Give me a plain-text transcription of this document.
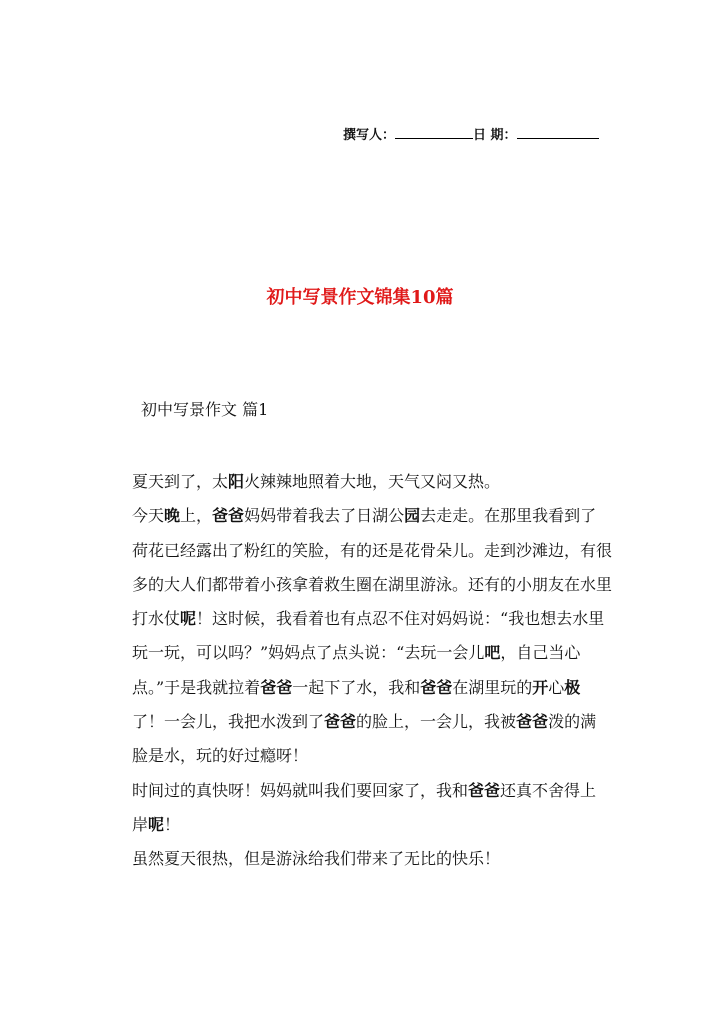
撰写人：	日 期：
初中写景作文锦集10篇
初中写景作文 篇1

夏天到了，太阳火辣辣地照着大地，天气又闷又热。

今天晚上，爸爸妈妈带着我去了日湖公园去走走。在那里我看到了荷花已经露出了粉红的笑脸，有的还是花骨朵儿。走到沙滩边，有很多的大人们都带着小孩拿着救生圈在湖里游泳。还有的小朋友在水里打水仗呢！这时候，我看着也有点忍不住对妈妈说：“我也想去水里玩一玩，可以吗？”妈妈点了点头说：“去玩一会儿吧，自己当心点。”于是我就拉着爸爸一起下了水，我和爸爸在湖里玩的开心极了！一会儿，我把水泼到了爸爸的脸上，一会儿，我被爸爸泼的满脸是水，玩的好过瘾呀！

时间过的真快呀！妈妈就叫我们要回家了，我和爸爸还真不舍得上岸呢！

虽然夏天很热，但是游泳给我们带来了无比的快乐！
